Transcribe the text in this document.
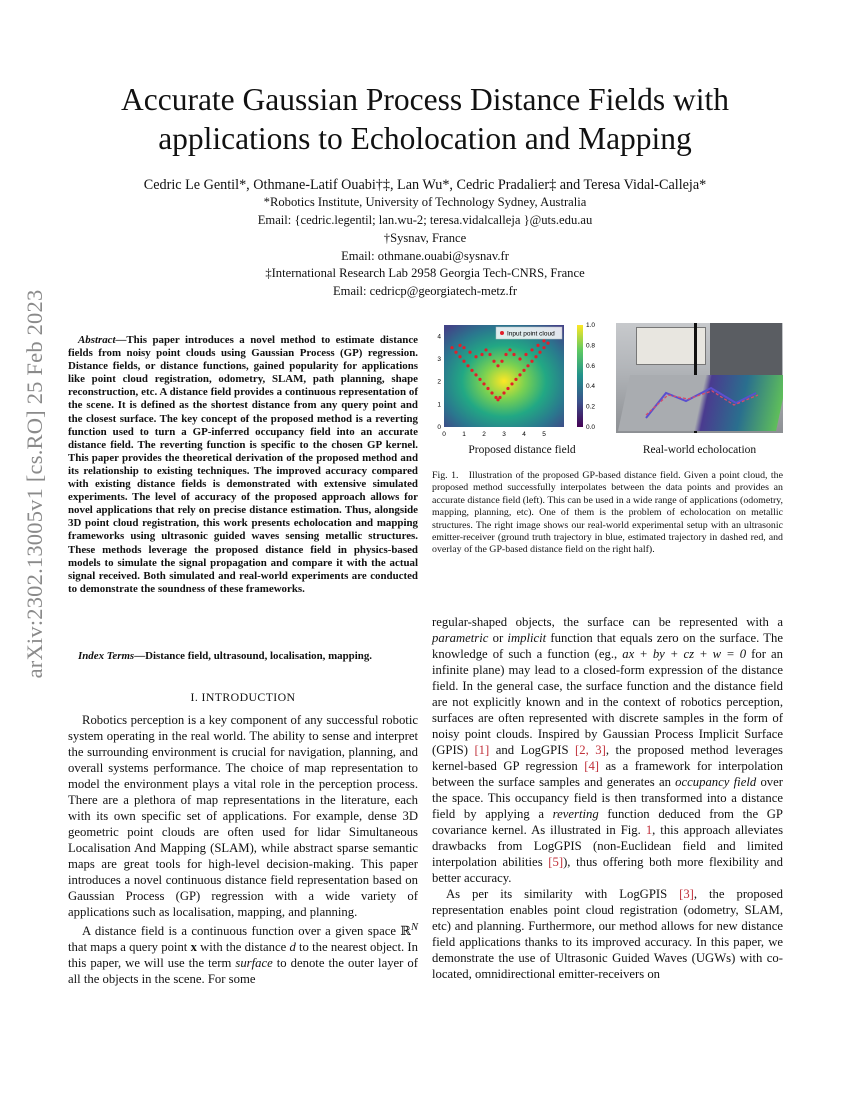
arXiv:2302.13005v1 [cs.RO] 25 Feb 2023
Accurate Gaussian Process Distance Fields with
applications to Echolocation and Mapping
Cedric Le Gentil*, Othmane-Latif Ouabi†‡, Lan Wu*, Cedric Pradalier‡ and Teresa Vidal-Calleja*
*Robotics Institute, University of Technology Sydney, Australia
Email: {cedric.legentil; lan.wu-2; teresa.vidalcalleja }@uts.edu.au
†Sysnav, France
Email: othmane.ouabi@sysnav.fr
‡International Research Lab 2958 Georgia Tech-CNRS, France
Email: cedricp@georgiatech-metz.fr
Abstract—This paper introduces a novel method to estimate distance fields from noisy point clouds using Gaussian Process (GP) regression. Distance fields, or distance functions, gained popularity for applications like point cloud registration, odometry, SLAM, path planning, shape reconstruction, etc. A distance field provides a continuous representation of the scene. It is defined as the shortest distance from any query point and the closest surface. The key concept of the proposed method is a reverting function used to turn a GP-inferred occupancy field into an accurate distance field. The reverting function is specific to the chosen GP kernel. This paper provides the theoretical derivation of the proposed method and its relationship to existing techniques. The improved accuracy compared with existing distance fields is demonstrated with extensive simulated experiments. The level of accuracy of the proposed approach allows for novel applications that rely on precise distance estimation. Thus, alongside 3D point cloud registration, this work presents echolocation and mapping frameworks using ultrasonic guided waves sensing metallic structures. These methods leverage the proposed distance field in physics-based models to simulate the signal propagation and compare it with the actual signal received. Both simulated and real-world experiments are conducted to demonstrate the soundness of these frameworks.
Index Terms—Distance field, ultrasound, localisation, mapping.
I. INTRODUCTION

Robotics perception is a key component of any successful robotic system operating in the real world. The ability to sense and interpret the surrounding environment is crucial for navigation, planning, and overall systems performance. The choice of map representation to model the environment plays a vital role in the perception process. There are a plethora of map representations in the literature, each with its own specific set of applications. For example, dense 3D geometric point clouds are often used for lidar Simultaneous Localisation And Mapping (SLAM), while abstract sparse semantic maps are great tools for high-level decision-making. This paper introduces a novel continuous distance field representation based on Gaussian Process (GP) regression with a wide variety of applications such as localisation, mapping, and planning.

A distance field is a continuous function over a given space ℝ$^N$ that maps a query point x with the distance d to the nearest object. In this paper, we will use the term surface to denote the outer layer of all the objects in the scene. For some

Input point cloud
0	1	2	3	4	5
0
1
2
3
4
0.0
0.2
0.4
0.6
0.8
1.0
Proposed distance field	Real-world echolocation
Fig. 1. Illustration of the proposed GP-based distance field. Given a point cloud, the proposed method successfully interpolates between the data points and provides an accurate distance field (left). This can be used in a wide range of applications (odometry, mapping, planning, etc). One of them is the problem of echolocation on metallic structures. The right image shows our real-world experimental setup with an ultrasonic emitter-receiver (ground truth trajectory in blue, estimated trajectory in dashed red, and overlay of the GP-based distance field on the right half).

regular-shaped objects, the surface can be represented with a parametric or implicit function that equals zero on the surface. The knowledge of such a function (eg., ax + by + cz + w = 0 for an infinite plane) may lead to a closed-form expression of the distance field. In the general case, the surface function and the distance field are not explicitly known and in the context of robotics perception, surfaces are often represented with discrete samples in the form of noisy point clouds. Inspired by Gaussian Process Implicit Surface (GPIS) [1] and LogGPIS [2, 3], the proposed method leverages kernel-based GP regression [4] as a framework for interpolation between the surface samples and generates an occupancy field over the space. This occupancy field is then transformed into a distance field by applying a reverting function deduced from the GP covariance kernel. As illustrated in Fig. 1, this approach alleviates drawbacks from LogGPIS (non-Euclidean field and limited interpolation abilities [5]), thus offering both more flexibility and better accuracy.

As per its similarity with LogGPIS [3], the proposed representation enables point cloud registration (odometry, SLAM, etc) and planning. Furthermore, our method allows for new distance field applications thanks to its improved accuracy. In this paper, we demonstrate the use of Ultrasonic Guided Waves (UGWs) with co-located, omnidirectional emitter-receivers on
